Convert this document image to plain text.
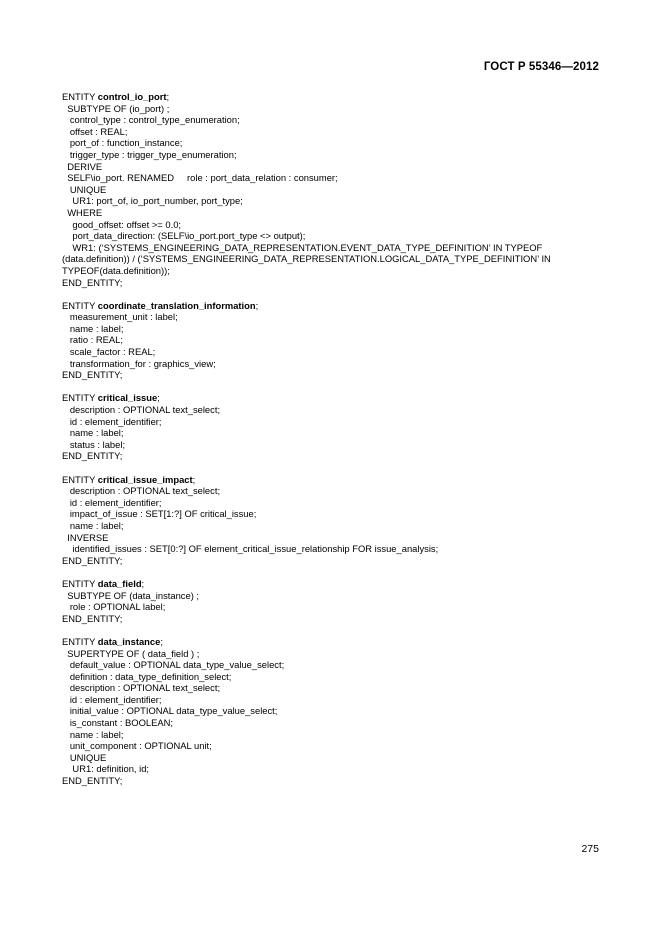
ГОСТ Р 55346—2012
ENTITY control_io_port;
SUBTYPE OF (io_port) ;
control_type : control_type_enumeration;
offset : REAL;
port_of : function_instance;
trigger_type : trigger_type_enumeration;
DERIVE
SELF\io_port. RENAMED     role : port_data_relation : consumer;
UNIQUE
UR1: port_of, io_port_number, port_type;
WHERE
good_offset: offset >= 0.0;
port_data_direction: (SELF\io_port.port_type <> output);
WR1: (‘SYSTEMS_ENGINEERING_DATA_REPRESENTATION.EVENT_DATA_TYPE_DEFINITION’ IN TYPEOF
(data.definition)) / (‘SYSTEMS_ENGINEERING_DATA_REPRESENTATION.LOGICAL_DATA_TYPE_DEFINITION’ IN
TYPEOF(data.definition));
END_ENTITY;
ENTITY coordinate_translation_information;
measurement_unit : label;
name : label;
ratio : REAL;
scale_factor : REAL;
transformation_for : graphics_view;
END_ENTITY;
ENTITY critical_issue;
description : OPTIONAL text_select;
id : element_identifier;
name : label;
status : label;
END_ENTITY;
ENTITY critical_issue_impact;
description : OPTIONAL text_select;
id : element_identifier;
impact_of_issue : SET[1:?] OF critical_issue;
name : label;
INVERSE
identified_issues : SET[0:?] OF element_critical_issue_relationship FOR issue_analysis;
END_ENTITY;
ENTITY data_field;
SUBTYPE OF (data_instance) ;
role : OPTIONAL label;
END_ENTITY;
ENTITY data_instance;
SUPERTYPE OF ( data_field ) ;
default_value : OPTIONAL data_type_value_select;
definition : data_type_definition_select;
description : OPTIONAL text_select;
id : element_identifier;
initial_value : OPTIONAL data_type_value_select;
is_constant : BOOLEAN;
name : label;
unit_component : OPTIONAL unit;
UNIQUE
UR1: definition, id;
END_ENTITY;
275
